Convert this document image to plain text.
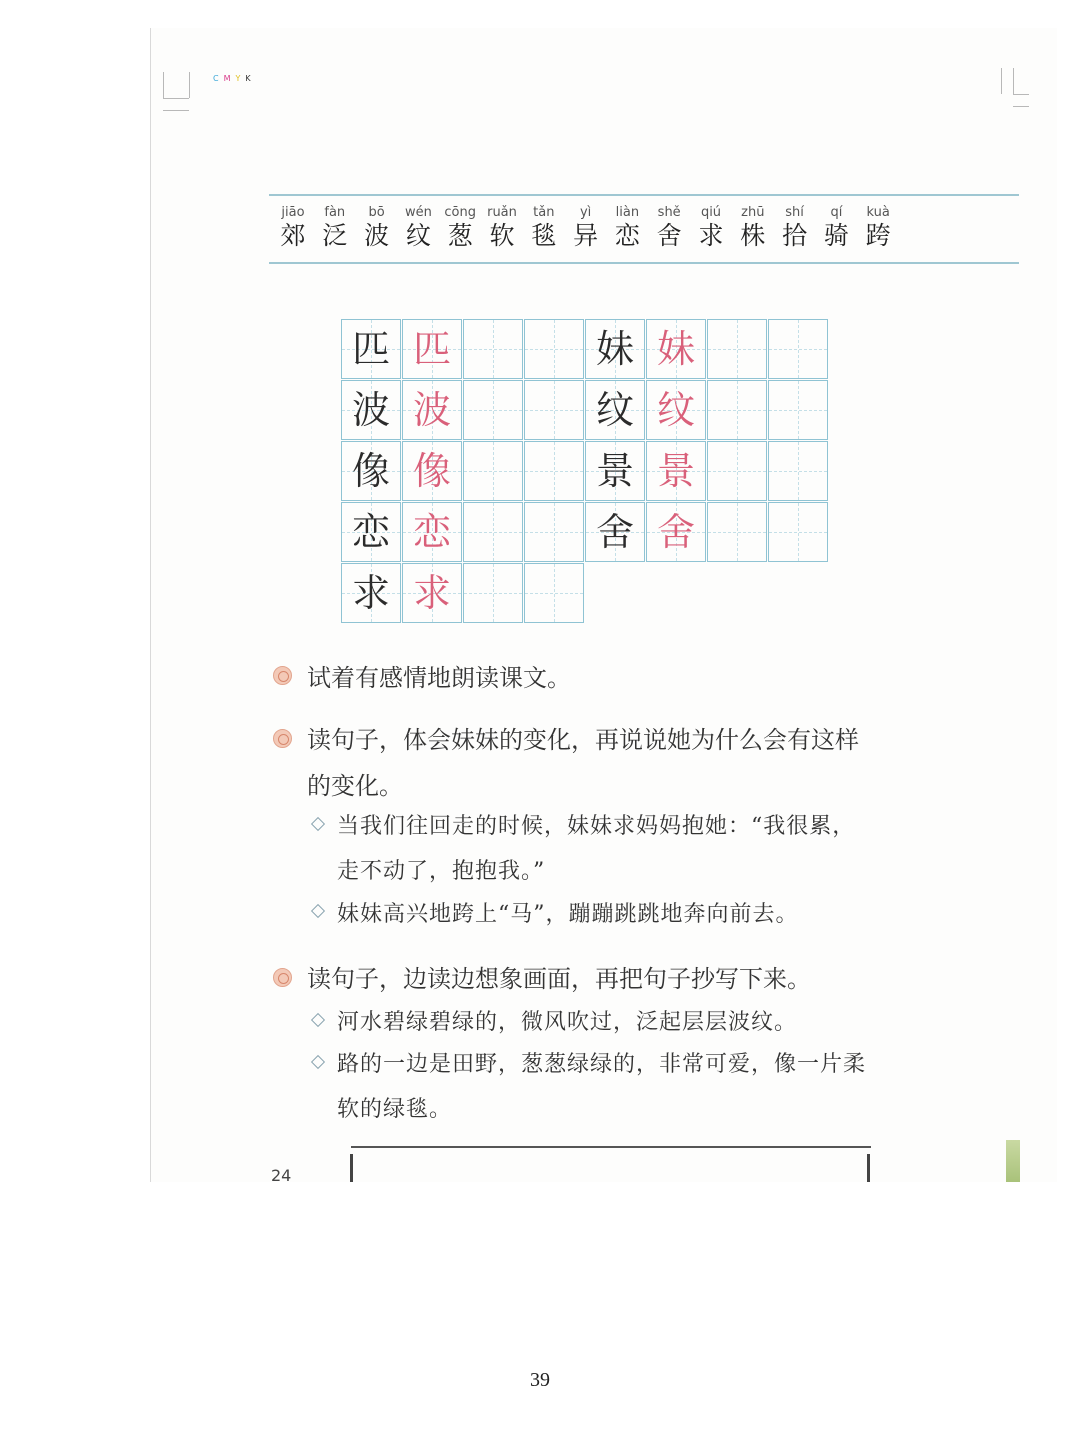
CMYK
jiāo
郊
fàn
泛
bō
波
wén
纹
cōng
葱
ruǎn
软
tǎn
毯
yì
异
liàn
恋
shě
舍
qiú
求
zhū
株
shí
拾
qí
骑
kuà
跨
匹 匹
波 波
像 像
恋 恋
求 求
妹 妹
纹 纹
景 景
舍 舍
试着有感情地朗读课文。
读句子，体会妹妹的变化，再说说她为什么会有这样
的变化。
当我们往回走的时候，妹妹求妈妈抱她：“我很累，
走不动了，抱抱我。”
妹妹高兴地跨上“马”，蹦蹦跳跳地奔向前去。
读句子，边读边想象画面，再把句子抄写下来。
河水碧绿碧绿的，微风吹过，泛起层层波纹。
路的一边是田野，葱葱绿绿的，非常可爱，像一片柔
软的绿毯。
24
39
